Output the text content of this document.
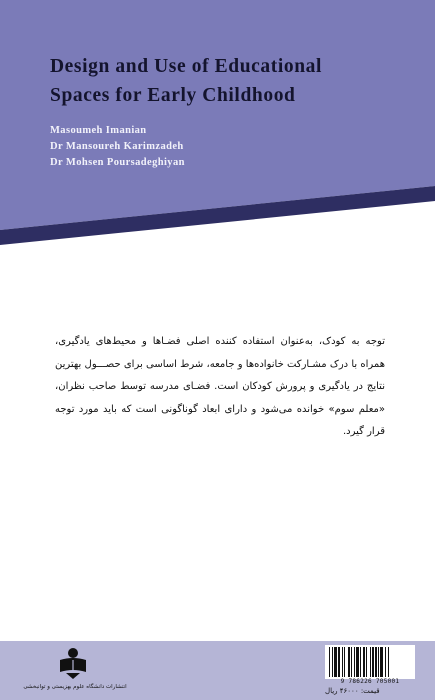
Design and Use of Educational
Spaces for Early Childhood
Masoumeh Imanian
Dr Mansoureh Karimzadeh
Dr Mohsen Poursadeghiyan

توجه به کودک، به‌عنوان استفاده کننده اصلی فضـاها و محیط‌های یادگیری، همراه با درک مشـارکت خانواده‌ها و جامعه، شرط اساسی برای حصـــول بهترین نتایج در یادگیری و پرورش کودکان است. فضـای مدرسه توسط صاحب نظران، «معلم سوم» خوانده می‌شود و دارای ابعاد گوناگونی است که باید مورد توجه قرار گیرد.

انتشارات دانشگاه علوم بهزیستی و توانبخشی
9 786226 705001
قیمت: ۴۶۰۰۰ ریال
